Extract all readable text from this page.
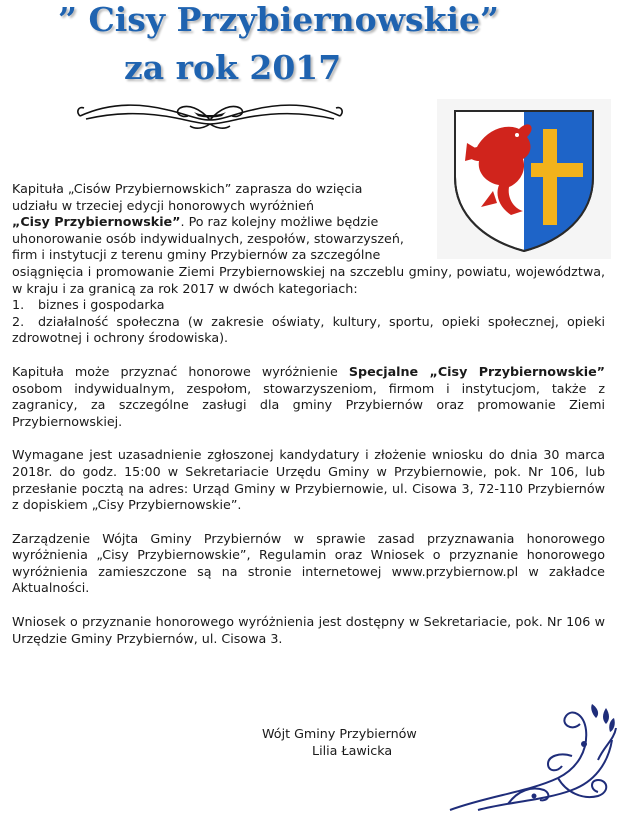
” Cisy Przybiernowskie”
za rok 2017

Kapituła „Cisów Przybiernowskich” zaprasza do wzięcia
udziału w trzeciej edycji honorowych wyróżnień
„Cisy Przybiernowskie”. Po raz kolejny możliwe będzie
uhonorowanie osób indywidualnych, zespołów, stowarzyszeń,
firm i instytucji z terenu gminy Przybiernów za szczególne
osiągnięcia i promowanie Ziemi Przybiernowskiej na szczeblu gminy, powiatu, województwa, w kraju i za granicą za rok 2017 w dwóch kategoriach:
1. biznes i gospodarka
2. działalność społeczna (w zakresie oświaty, kultury, sportu, opieki społecznej, opieki zdrowotnej i ochrony środowiska).

Kapituła może przyznać honorowe wyróżnienie Specjalne „Cisy Przybiernowskie” osobom indywidualnym, zespołom, stowarzyszeniom, firmom i instytucjom, także z zagranicy, za szczególne zasługi dla gminy Przybiernów oraz promowanie Ziemi Przybiernowskiej.

Wymagane jest uzasadnienie zgłoszonej kandydatury i złożenie wniosku do dnia 30 marca 2018r. do godz. 15:00 w Sekretariacie Urzędu Gminy w Przybiernowie, pok. Nr 106, lub przesłanie pocztą na adres: Urząd Gminy w Przybiernowie, ul. Cisowa 3, 72-110 Przybiernów z dopiskiem „Cisy Przybiernowskie”.

Zarządzenie Wójta Gminy Przybiernów w sprawie zasad przyznawania honorowego wyróżnienia „Cisy Przybiernowskie”, Regulamin oraz Wniosek o przyznanie honorowego wyróżnienia zamieszczone są na stronie internetowej www.przybiernow.pl w zakładce Aktualności.

Wniosek o przyznanie honorowego wyróżnienia jest dostępny w Sekretariacie, pok. Nr 106 w Urzędzie Gminy Przybiernów, ul. Cisowa 3.

Wójt Gminy Przybiernów
Lilia Ławicka
